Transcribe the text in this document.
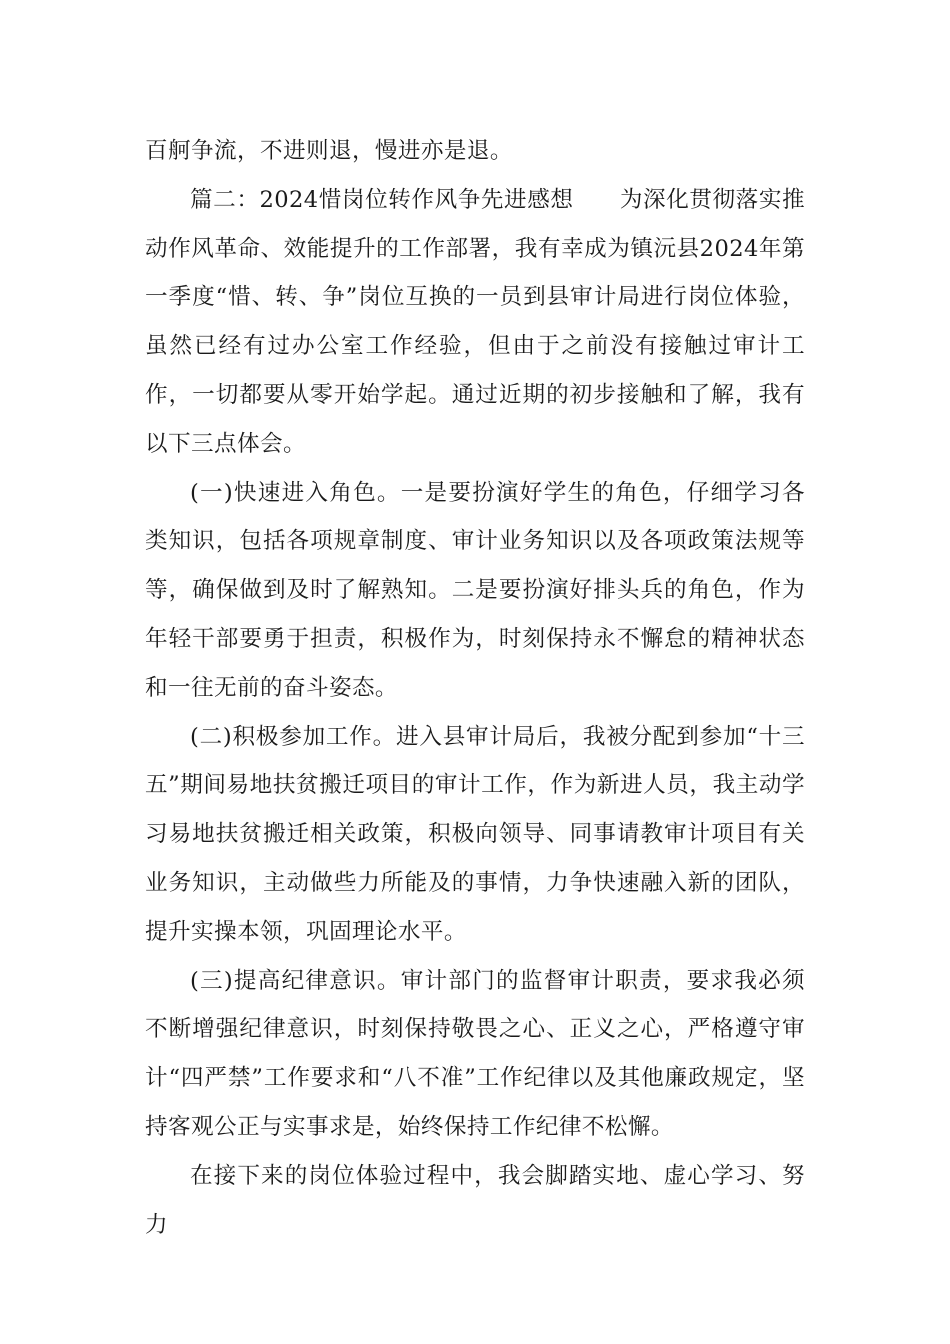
百舸争流，不进则退，慢进亦是退。

篇二：2024惜岗位转作风争先进感想　　为深化贯彻落实推动作风革命、效能提升的工作部署，我有幸成为镇沅县2024年第一季度“惜、转、争”岗位互换的一员到县审计局进行岗位体验，虽然已经有过办公室工作经验，但由于之前没有接触过审计工作，一切都要从零开始学起。通过近期的初步接触和了解，我有以下三点体会。

(一)快速进入角色。一是要扮演好学生的角色，仔细学习各类知识，包括各项规章制度、审计业务知识以及各项政策法规等等，确保做到及时了解熟知。二是要扮演好排头兵的角色，作为年轻干部要勇于担责，积极作为，时刻保持永不懈怠的精神状态和一往无前的奋斗姿态。

(二)积极参加工作。进入县审计局后，我被分配到参加“十三五”期间易地扶贫搬迁项目的审计工作，作为新进人员，我主动学习易地扶贫搬迁相关政策，积极向领导、同事请教审计项目有关业务知识，主动做些力所能及的事情，力争快速融入新的团队，提升实操本领，巩固理论水平。

(三)提高纪律意识。审计部门的监督审计职责，要求我必须不断增强纪律意识，时刻保持敬畏之心、正义之心，严格遵守审计“四严禁”工作要求和“八不准”工作纪律以及其他廉政规定，坚持客观公正与实事求是，始终保持工作纪律不松懈。

在接下来的岗位体验过程中，我会脚踏实地、虚心学习、努力
